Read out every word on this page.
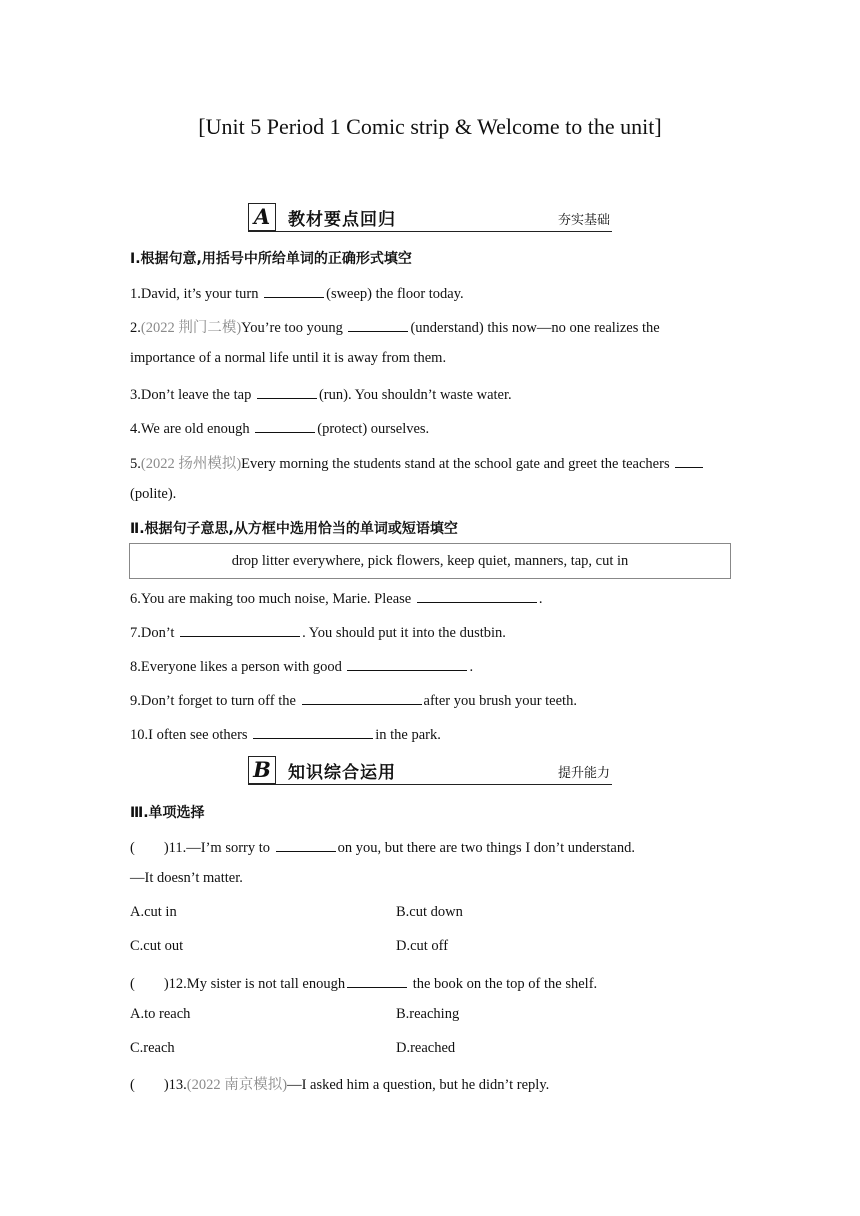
[Unit 5 Period 1 Comic strip & Welcome to the unit]
A	教材要点回归	夯实基础
Ⅰ.根据句意,用括号中所给单词的正确形式填空
1.David, it’s your turn	(sweep) the floor today.
2.(2022 荆门二模)You’re too young	(understand) this now—no one realizes the
importance of a normal life until it is away from them.
3.Don’t leave the tap	(run). You shouldn’t waste water.
4.We are old enough	(protect) ourselves.
5.(2022 扬州模拟)Every morning the students stand at the school gate and greet the teachers
(polite).
Ⅱ.根据句子意思,从方框中选用恰当的单词或短语填空
drop litter everywhere, pick flowers, keep quiet, manners, tap, cut in
6.You are making too much noise, Marie. Please	.
7.Don’t	. You should put it into the dustbin.
8.Everyone likes a person with good	.
9.Don’t forget to turn off the	after you brush your teeth.
10.I often see others	in the park.
B	知识综合运用	提升能力
Ⅲ.单项选择
(　　)11.—I’m sorry to	on you, but there are two things I don’t understand.
—It doesn’t matter.
A.cut in	B.cut down
C.cut out	D.cut off
(　　)12.My sister is not tall enough	the book on the top of the shelf.
A.to reach	B.reaching
C.reach	D.reached
(　　)13.(2022 南京模拟)—I asked him a question, but he didn’t reply.
